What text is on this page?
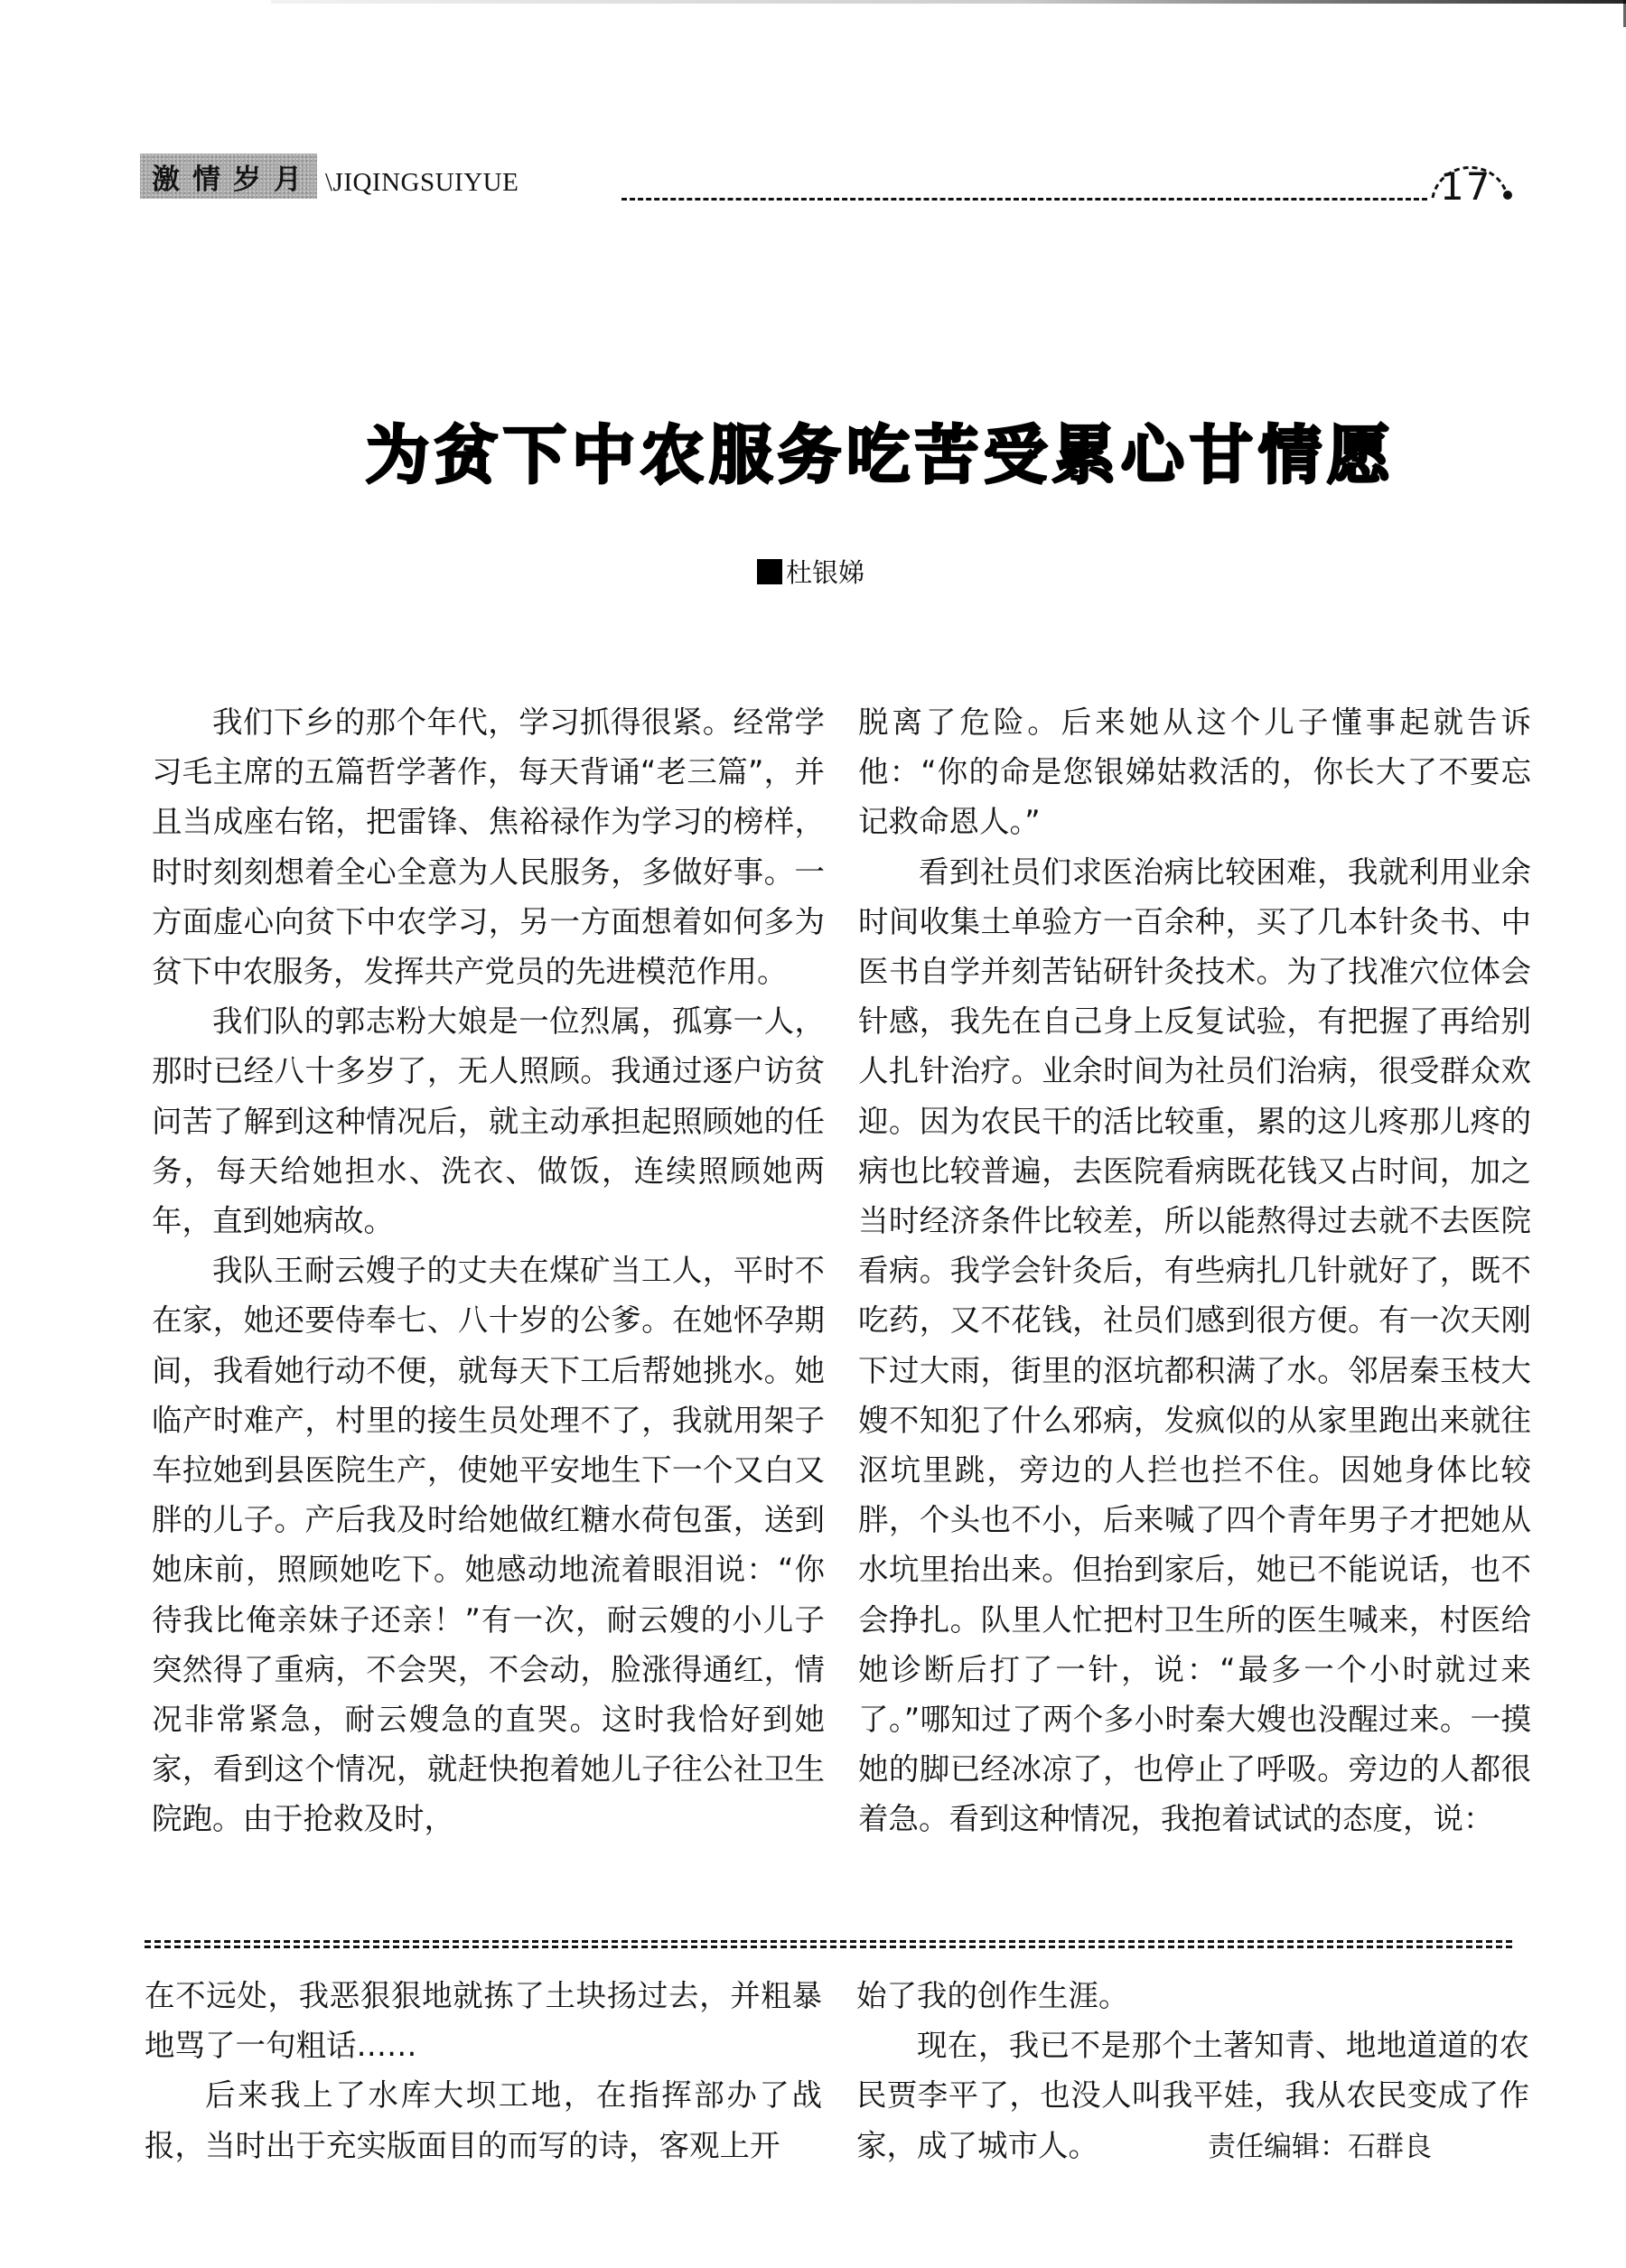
激情岁月 \JIQINGSUIYUE	17
为贫下中农服务吃苦受累心甘情愿
杜银娣

我们下乡的那个年代，学习抓得很紧。经常学习毛主席的五篇哲学著作，每天背诵“老三篇”，并且当成座右铭，把雷锋、焦裕禄作为学习的榜样，时时刻刻想着全心全意为人民服务，多做好事。一方面虚心向贫下中农学习，另一方面想着如何多为贫下中农服务，发挥共产党员的先进模范作用。

我们队的郭志粉大娘是一位烈属，孤寡一人，那时已经八十多岁了，无人照顾。我通过逐户访贫问苦了解到这种情况后，就主动承担起照顾她的任务，每天给她担水、洗衣、做饭，连续照顾她两年，直到她病故。

我队王耐云嫂子的丈夫在煤矿当工人，平时不在家，她还要侍奉七、八十岁的公爹。在她怀孕期间，我看她行动不便，就每天下工后帮她挑水。她临产时难产，村里的接生员处理不了，我就用架子车拉她到县医院生产，使她平安地生下一个又白又胖的儿子。产后我及时给她做红糖水荷包蛋，送到她床前，照顾她吃下。她感动地流着眼泪说：“你待我比俺亲妹子还亲！”有一次，耐云嫂的小儿子突然得了重病，不会哭，不会动，脸涨得通红，情况非常紧急，耐云嫂急的直哭。这时我恰好到她家，看到这个情况，就赶快抱着她儿子往公社卫生院跑。由于抢救及时，

脱离了危险。后来她从这个儿子懂事起就告诉他：“你的命是您银娣姑救活的，你长大了不要忘记救命恩人。”

看到社员们求医治病比较困难，我就利用业余时间收集土单验方一百余种，买了几本针灸书、中医书自学并刻苦钻研针灸技术。为了找准穴位体会针感，我先在自己身上反复试验，有把握了再给别人扎针治疗。业余时间为社员们治病，很受群众欢迎。因为农民干的活比较重，累的这儿疼那儿疼的病也比较普遍，去医院看病既花钱又占时间，加之当时经济条件比较差，所以能熬得过去就不去医院看病。我学会针灸后，有些病扎几针就好了，既不吃药，又不花钱，社员们感到很方便。有一次天刚下过大雨，街里的沤坑都积满了水。邻居秦玉枝大嫂不知犯了什么邪病，发疯似的从家里跑出来就往沤坑里跳，旁边的人拦也拦不住。因她身体比较胖，个头也不小，后来喊了四个青年男子才把她从水坑里抬出来。但抬到家后，她已不能说话，也不会挣扎。队里人忙把村卫生所的医生喊来，村医给她诊断后打了一针，说：“最多一个小时就过来了。”哪知过了两个多小时秦大嫂也没醒过来。一摸她的脚已经冰凉了，也停止了呼吸。旁边的人都很着急。看到这种情况，我抱着试试的态度，说：

在不远处，我恶狠狠地就拣了土块扬过去，并粗暴地骂了一句粗话……

后来我上了水库大坝工地，在指挥部办了战报，当时出于充实版面目的而写的诗，客观上开

始了我的创作生涯。

现在，我已不是那个土著知青、地地道道的农民贾李平了，也没人叫我平娃，我从农民变成了作家，成了城市人。	责任编辑：石群良
